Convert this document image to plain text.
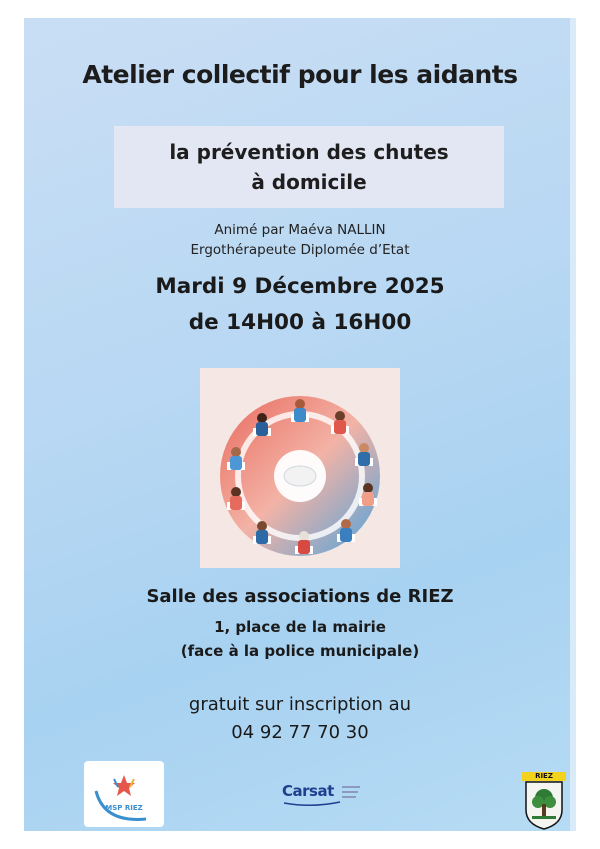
Atelier collectif pour les aidants
la prévention des chutes
à domicile
Animé par Maéva NALLIN
Ergothérapeute Diplomée d’Etat
Mardi 9 Décembre 2025
de 14H00 à 16H00
Salle des associations de RIEZ
1, place de la mairie
(face à la police municipale)
gratuit sur inscription au
04 92 77 70 30
MSP RIEZ
Carsat
RIEZ
